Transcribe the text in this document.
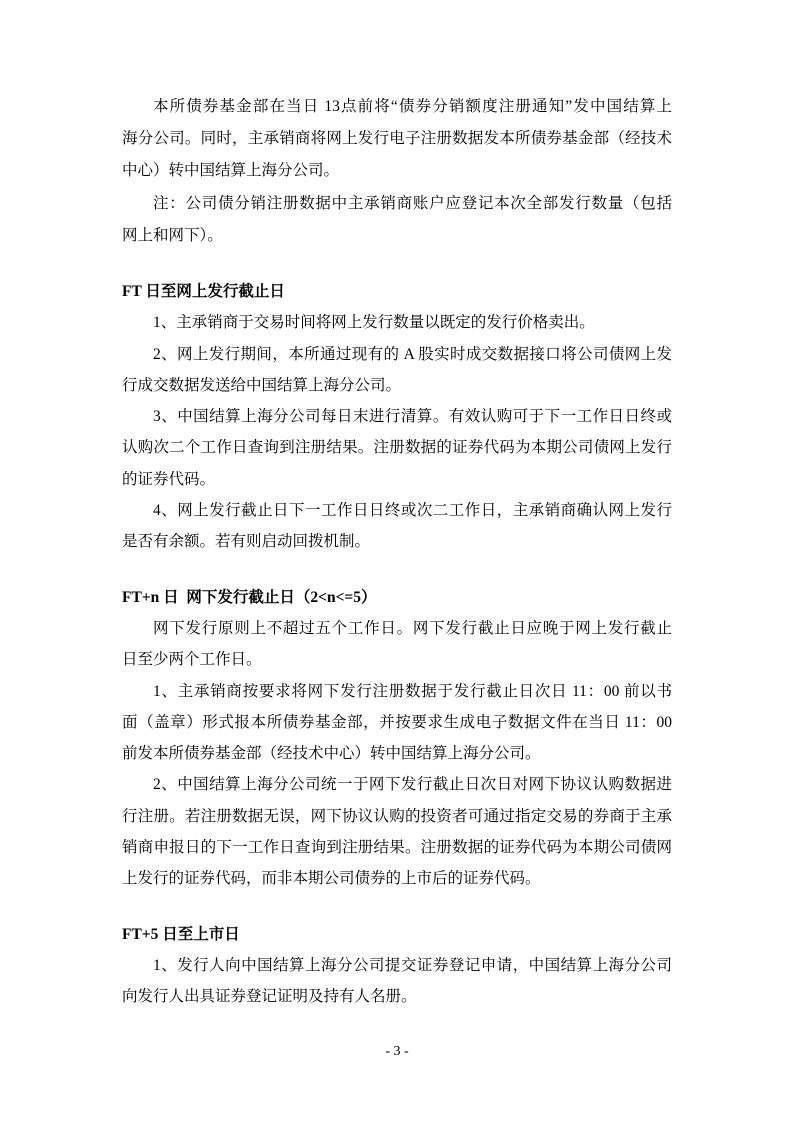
本所债券基金部在当日 13点前将“债券分销额度注册通知”发中国结算上
海分公司。同时，主承销商将网上发行电子注册数据发本所债券基金部（经技术
中心）转中国结算上海分公司。
注：公司债分销注册数据中主承销商账户应登记本次全部发行数量（包括
网上和网下）。
FT 日至网上发行截止日
1、主承销商于交易时间将网上发行数量以既定的发行价格卖出。
2、网上发行期间，本所通过现有的 A 股实时成交数据接口将公司债网上发
行成交数据发送给中国结算上海分公司。
3、中国结算上海分公司每日末进行清算。有效认购可于下一工作日日终或
认购次二个工作日查询到注册结果。注册数据的证券代码为本期公司债网上发行
的证券代码。
4、网上发行截止日下一工作日日终或次二工作日，主承销商确认网上发行
是否有余额。若有则启动回拨机制。
FT+n 日  网下发行截止日（2<n<=5）
网下发行原则上不超过五个工作日。网下发行截止日应晚于网上发行截止
日至少两个工作日。
1、主承销商按要求将网下发行注册数据于发行截止日次日 11：00 前以书
面（盖章）形式报本所债券基金部，并按要求生成电子数据文件在当日 11：00
前发本所债券基金部（经技术中心）转中国结算上海分公司。
2、中国结算上海分公司统一于网下发行截止日次日对网下协议认购数据进
行注册。若注册数据无误，网下协议认购的投资者可通过指定交易的券商于主承
销商申报日的下一工作日查询到注册结果。注册数据的证券代码为本期公司债网
上发行的证券代码，而非本期公司债券的上市后的证券代码。
FT+5 日至上市日
1、发行人向中国结算上海分公司提交证券登记申请，中国结算上海分公司
向发行人出具证券登记证明及持有人名册。
- 3 -
